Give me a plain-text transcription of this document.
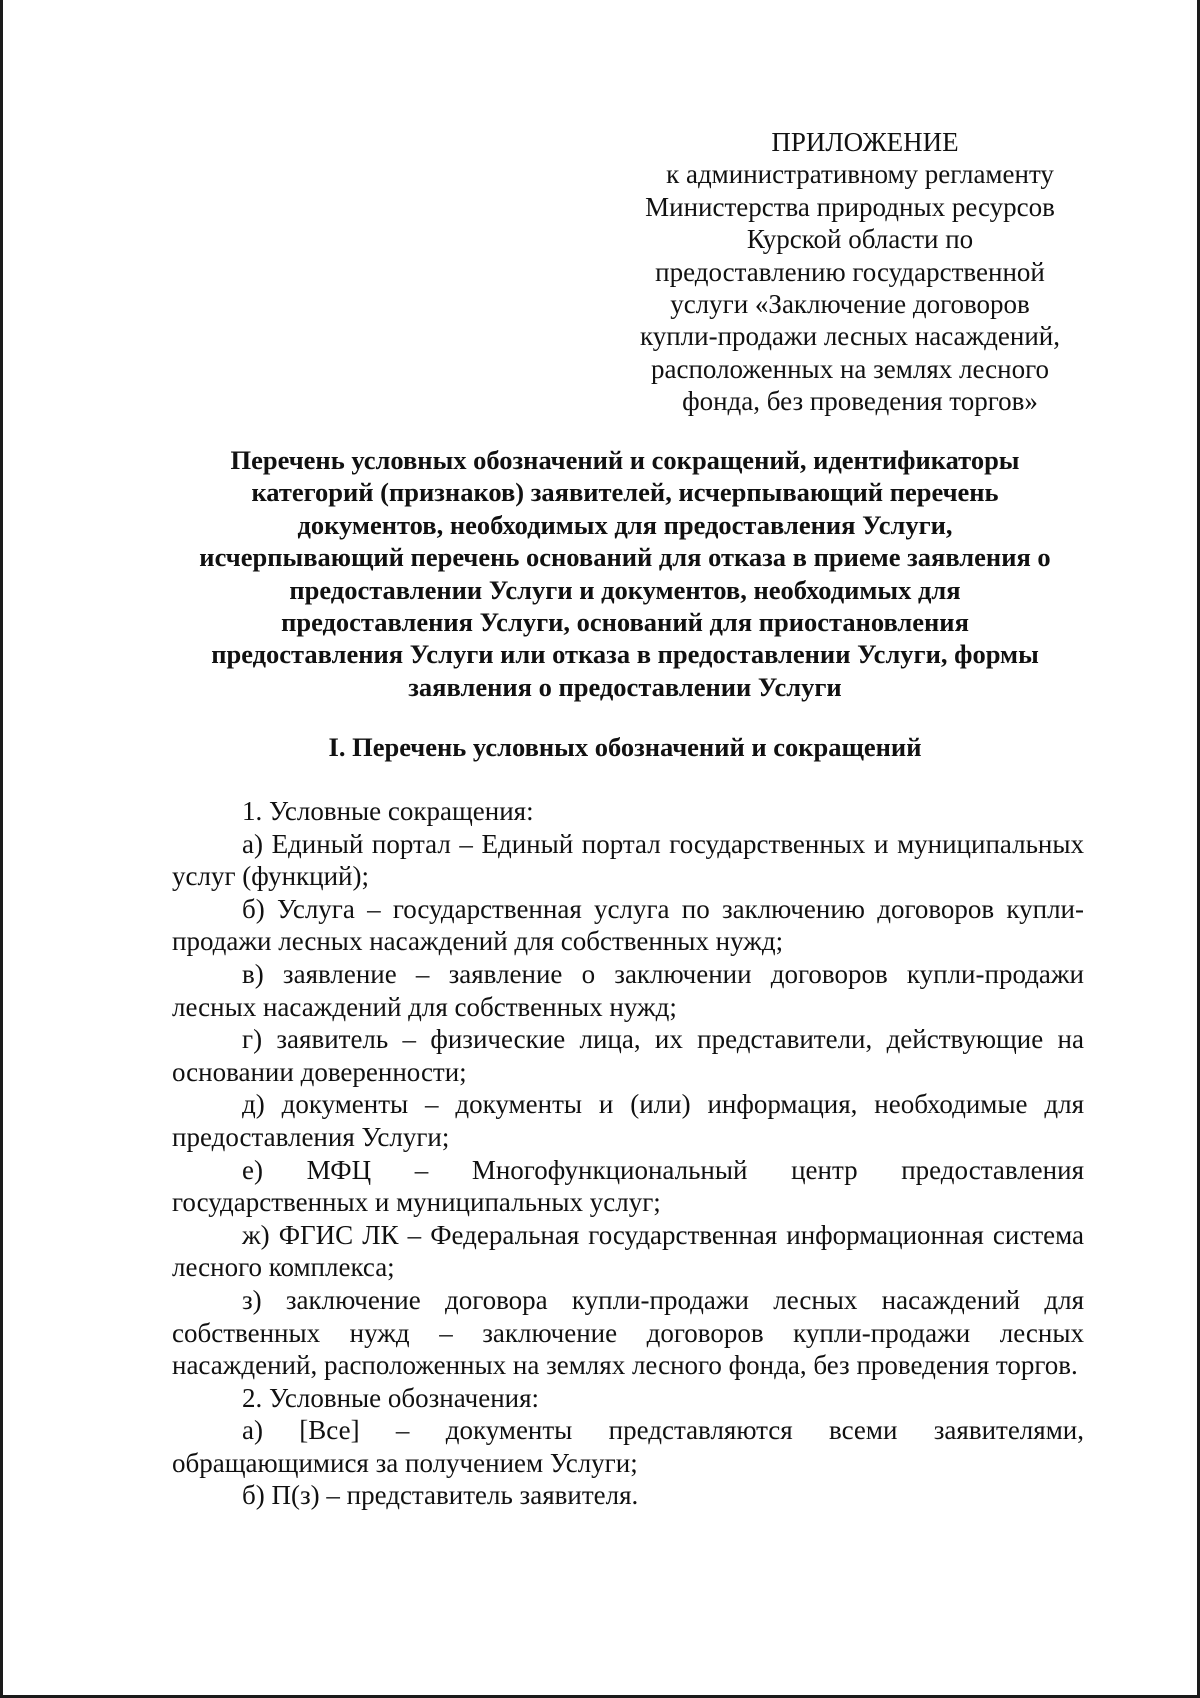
ПРИЛОЖЕНИЕ
к административному регламенту
Министерства природных ресурсов
Курской области по
предоставлению государственной
услуги «Заключение договоров
купли-продажи лесных насаждений,
расположенных на землях лесного
фонда, без проведения торгов»
Перечень условных обозначений и сокращений, идентификаторы
категорий (признаков) заявителей, исчерпывающий перечень
документов, необходимых для предоставления Услуги,
исчерпывающий перечень оснований для отказа в приеме заявления о
предоставлении Услуги и документов, необходимых для
предоставления Услуги, оснований для приостановления
предоставления Услуги или отказа в предоставлении Услуги, формы
заявления о предоставлении Услуги
I. Перечень условных обозначений и сокращений

1. Условные сокращения:

а) Единый портал – Единый портал государственных и муниципальных услуг (функций);

б) Услуга – государственная услуга по заключению договоров купли-продажи лесных насаждений для собственных нужд;

в) заявление – заявление о заключении договоров купли-продажи лесных насаждений для собственных нужд;

г) заявитель – физические лица, их представители, действующие на основании доверенности;

д) документы – документы и (или) информация, необходимые для предоставления Услуги;

е) МФЦ – Многофункциональный центр предоставления государственных и муниципальных услуг;

ж) ФГИС ЛК – Федеральная государственная информационная система лесного комплекса;

з) заключение договора купли-продажи лесных насаждений для собственных нужд – заключение договоров купли-продажи лесных насаждений, расположенных на землях лесного фонда, без проведения торгов.

2. Условные обозначения:

а) [Все] – документы представляются всеми заявителями, обращающимися за получением Услуги;

б) П(з) – представитель заявителя.
